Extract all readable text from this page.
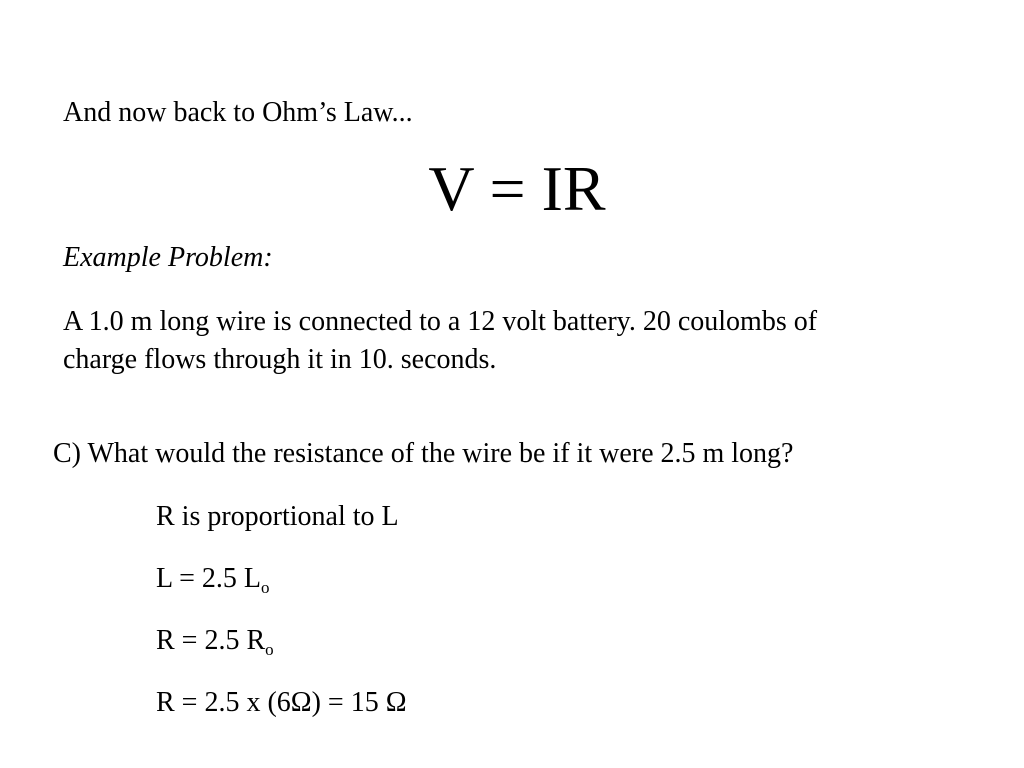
And now back to Ohm’s Law...
V = IR
Example Problem:
A 1.0 m long wire is connected to a 12 volt battery. 20 coulombs of charge flows through it in 10. seconds.
C) What would the resistance of the wire be if it were 2.5 m long?
R is proportional to L
L = 2.5 $L_o$
R = 2.5 $R_o$
R = 2.5 x (6Ω) = 15 Ω
